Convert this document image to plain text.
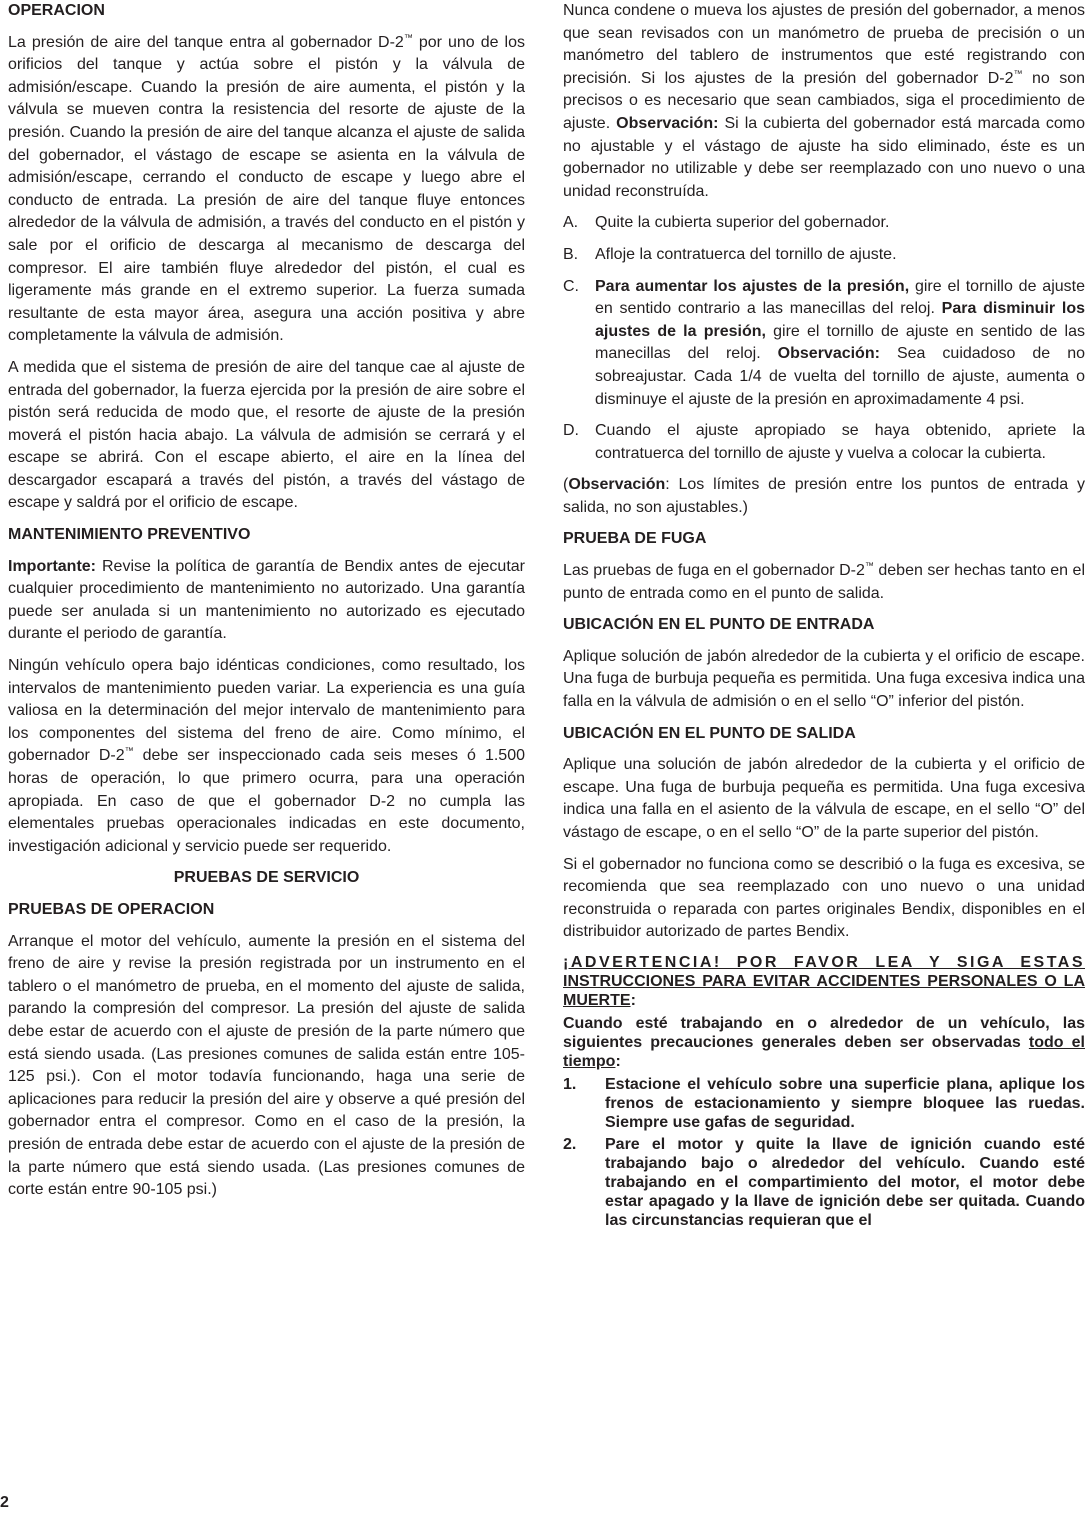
OPERACION
La presión de aire del tanque entra al gobernador D-2™ por uno de los orificios del tanque y actúa sobre el pistón y la válvula de admisión/escape. Cuando la presión de aire aumenta, el pistón y la válvula se mueven contra la resistencia del resorte de ajuste de la presión. Cuando la presión de aire del tanque alcanza el ajuste de salida del gobernador, el vástago de escape se asienta en la válvula de admisión/escape, cerrando el conducto de escape y luego abre el conducto de entrada. La presión de aire del tanque fluye entonces alrededor de la válvula de admisión, a través del conducto en el pistón y sale por el orificio de descarga al mecanismo de descarga del compresor. El aire también fluye alrededor del pistón, el cual es ligeramente más grande en el extremo superior. La fuerza sumada resultante de esta mayor área, asegura una acción positiva y abre completamente la válvula de admisión.
A medida que el sistema de presión de aire del tanque cae al ajuste de entrada del gobernador, la fuerza ejercida por la presión de aire sobre el pistón será reducida de modo que, el resorte de ajuste de la presión moverá el pistón hacia abajo. La válvula de admisión se cerrará y el escape se abrirá. Con el escape abierto, el aire en la línea del descargador escapará a través del pistón, a través del vástago de escape y saldrá por el orificio de escape.
MANTENIMIENTO PREVENTIVO
Importante: Revise la política de garantía de Bendix antes de ejecutar cualquier procedimiento de mantenimiento no autorizado. Una garantía puede ser anulada si un mantenimiento no autorizado es ejecutado durante el periodo de garantía.
Ningún vehículo opera bajo idénticas condiciones, como resultado, los intervalos de mantenimiento pueden variar. La experiencia es una guía valiosa en la determinación del mejor intervalo de mantenimiento para los componentes del sistema del freno de aire. Como mínimo, el gobernador D-2™ debe ser inspeccionado cada seis meses ó 1.500 horas de operación, lo que primero ocurra, para una operación apropiada. En caso de que el gobernador D-2 no cumpla las elementales pruebas operacionales indicadas en este documento, investigación adicional y servicio puede ser requerido.
PRUEBAS DE SERVICIO
PRUEBAS DE OPERACION
Arranque el motor del vehículo, aumente la presión en el sistema del freno de aire y revise la presión registrada por un instrumento en el tablero o el manómetro de prueba, en el momento del ajuste de salida, parando la compresión del compresor. La presión del ajuste de salida debe estar de acuerdo con el ajuste de presión de la parte número que está siendo usada. (Las presiones comunes de salida están entre 105-125 psi.). Con el motor todavía funcionando, haga una serie de aplicaciones para reducir la presión del aire y observe a qué presión del gobernador entra el compresor. Como en el caso de la presión, la presión de entrada debe estar de acuerdo con el ajuste de la presión de la parte número que está siendo usada. (Las presiones comunes de corte están entre 90-105 psi.)
Nunca condene o mueva los ajustes de presión del gobernador, a menos que sean revisados con un manómetro de prueba de precisión o un manómetro del tablero de instrumentos que esté registrando con precisión. Si los ajustes de la presión del gobernador D-2™ no son precisos o es necesario que sean cambiados, siga el procedimiento de ajuste. Observación: Si la cubierta del gobernador está marcada como no ajustable y el vástago de ajuste ha sido eliminado, éste es un gobernador no utilizable y debe ser reemplazado con uno nuevo o una unidad reconstruída.
A.	Quite la cubierta superior del gobernador.
B.	Afloje la contratuerca del tornillo de ajuste.
C.	Para aumentar los ajustes de la presión, gire el tornillo de ajuste en sentido contrario a las manecillas del reloj. Para disminuir los ajustes de la presión, gire el tornillo de ajuste en sentido de las manecillas del reloj. Observación: Sea cuidadoso de no sobreajustar. Cada 1/4 de vuelta del tornillo de ajuste, aumenta o disminuye el ajuste de la presión en aproximadamente 4 psi.
D.	Cuando el ajuste apropiado se haya obtenido, apriete la contratuerca del tornillo de ajuste y vuelva a colocar la cubierta.
(Observación: Los límites de presión entre los puntos de entrada y salida, no son ajustables.)
PRUEBA DE FUGA
Las pruebas de fuga en el gobernador D-2™ deben ser hechas tanto en el punto de entrada como en el punto de salida.
UBICACIÓN EN EL PUNTO DE ENTRADA
Aplique solución de jabón alrededor de la cubierta y el orificio de escape. Una fuga de burbuja pequeña es permitida. Una fuga excesiva indica una falla en la válvula de admisión o en el sello “O” inferior del pistón.
UBICACIÓN EN EL PUNTO DE SALIDA
Aplique una solución de jabón alrededor de la cubierta y el orificio de escape. Una fuga de burbuja pequeña es permitida. Una fuga excesiva indica una falla en el asiento de la válvula de escape, en el sello “O” del vástago de escape, o en el sello “O” de la parte superior del pistón.
Si el gobernador no funciona como se describió o la fuga es excesiva, se recomienda que sea reemplazado con uno nuevo o una unidad reconstruida o reparada con partes originales Bendix, disponibles en el distribuidor autorizado de partes Bendix.
¡ADVERTENCIA! POR FAVOR LEA Y SIGA ESTAS INSTRUCCIONES PARA EVITAR ACCIDENTES PERSONALES O LA MUERTE:
Cuando esté trabajando en o alrededor de un vehículo, las siguientes precauciones generales deben ser observadas todo el tiempo:
1.	Estacione el vehículo sobre una superficie plana, aplique los frenos de estacionamiento y siempre bloquee las ruedas. Siempre use gafas de seguridad.
2.	Pare el motor y quite la llave de ignición cuando esté trabajando bajo o alrededor del vehículo. Cuando esté trabajando en el compartimiento del motor, el motor debe estar apagado y la llave de ignición debe ser quitada. Cuando las circunstancias requieran que el
2
